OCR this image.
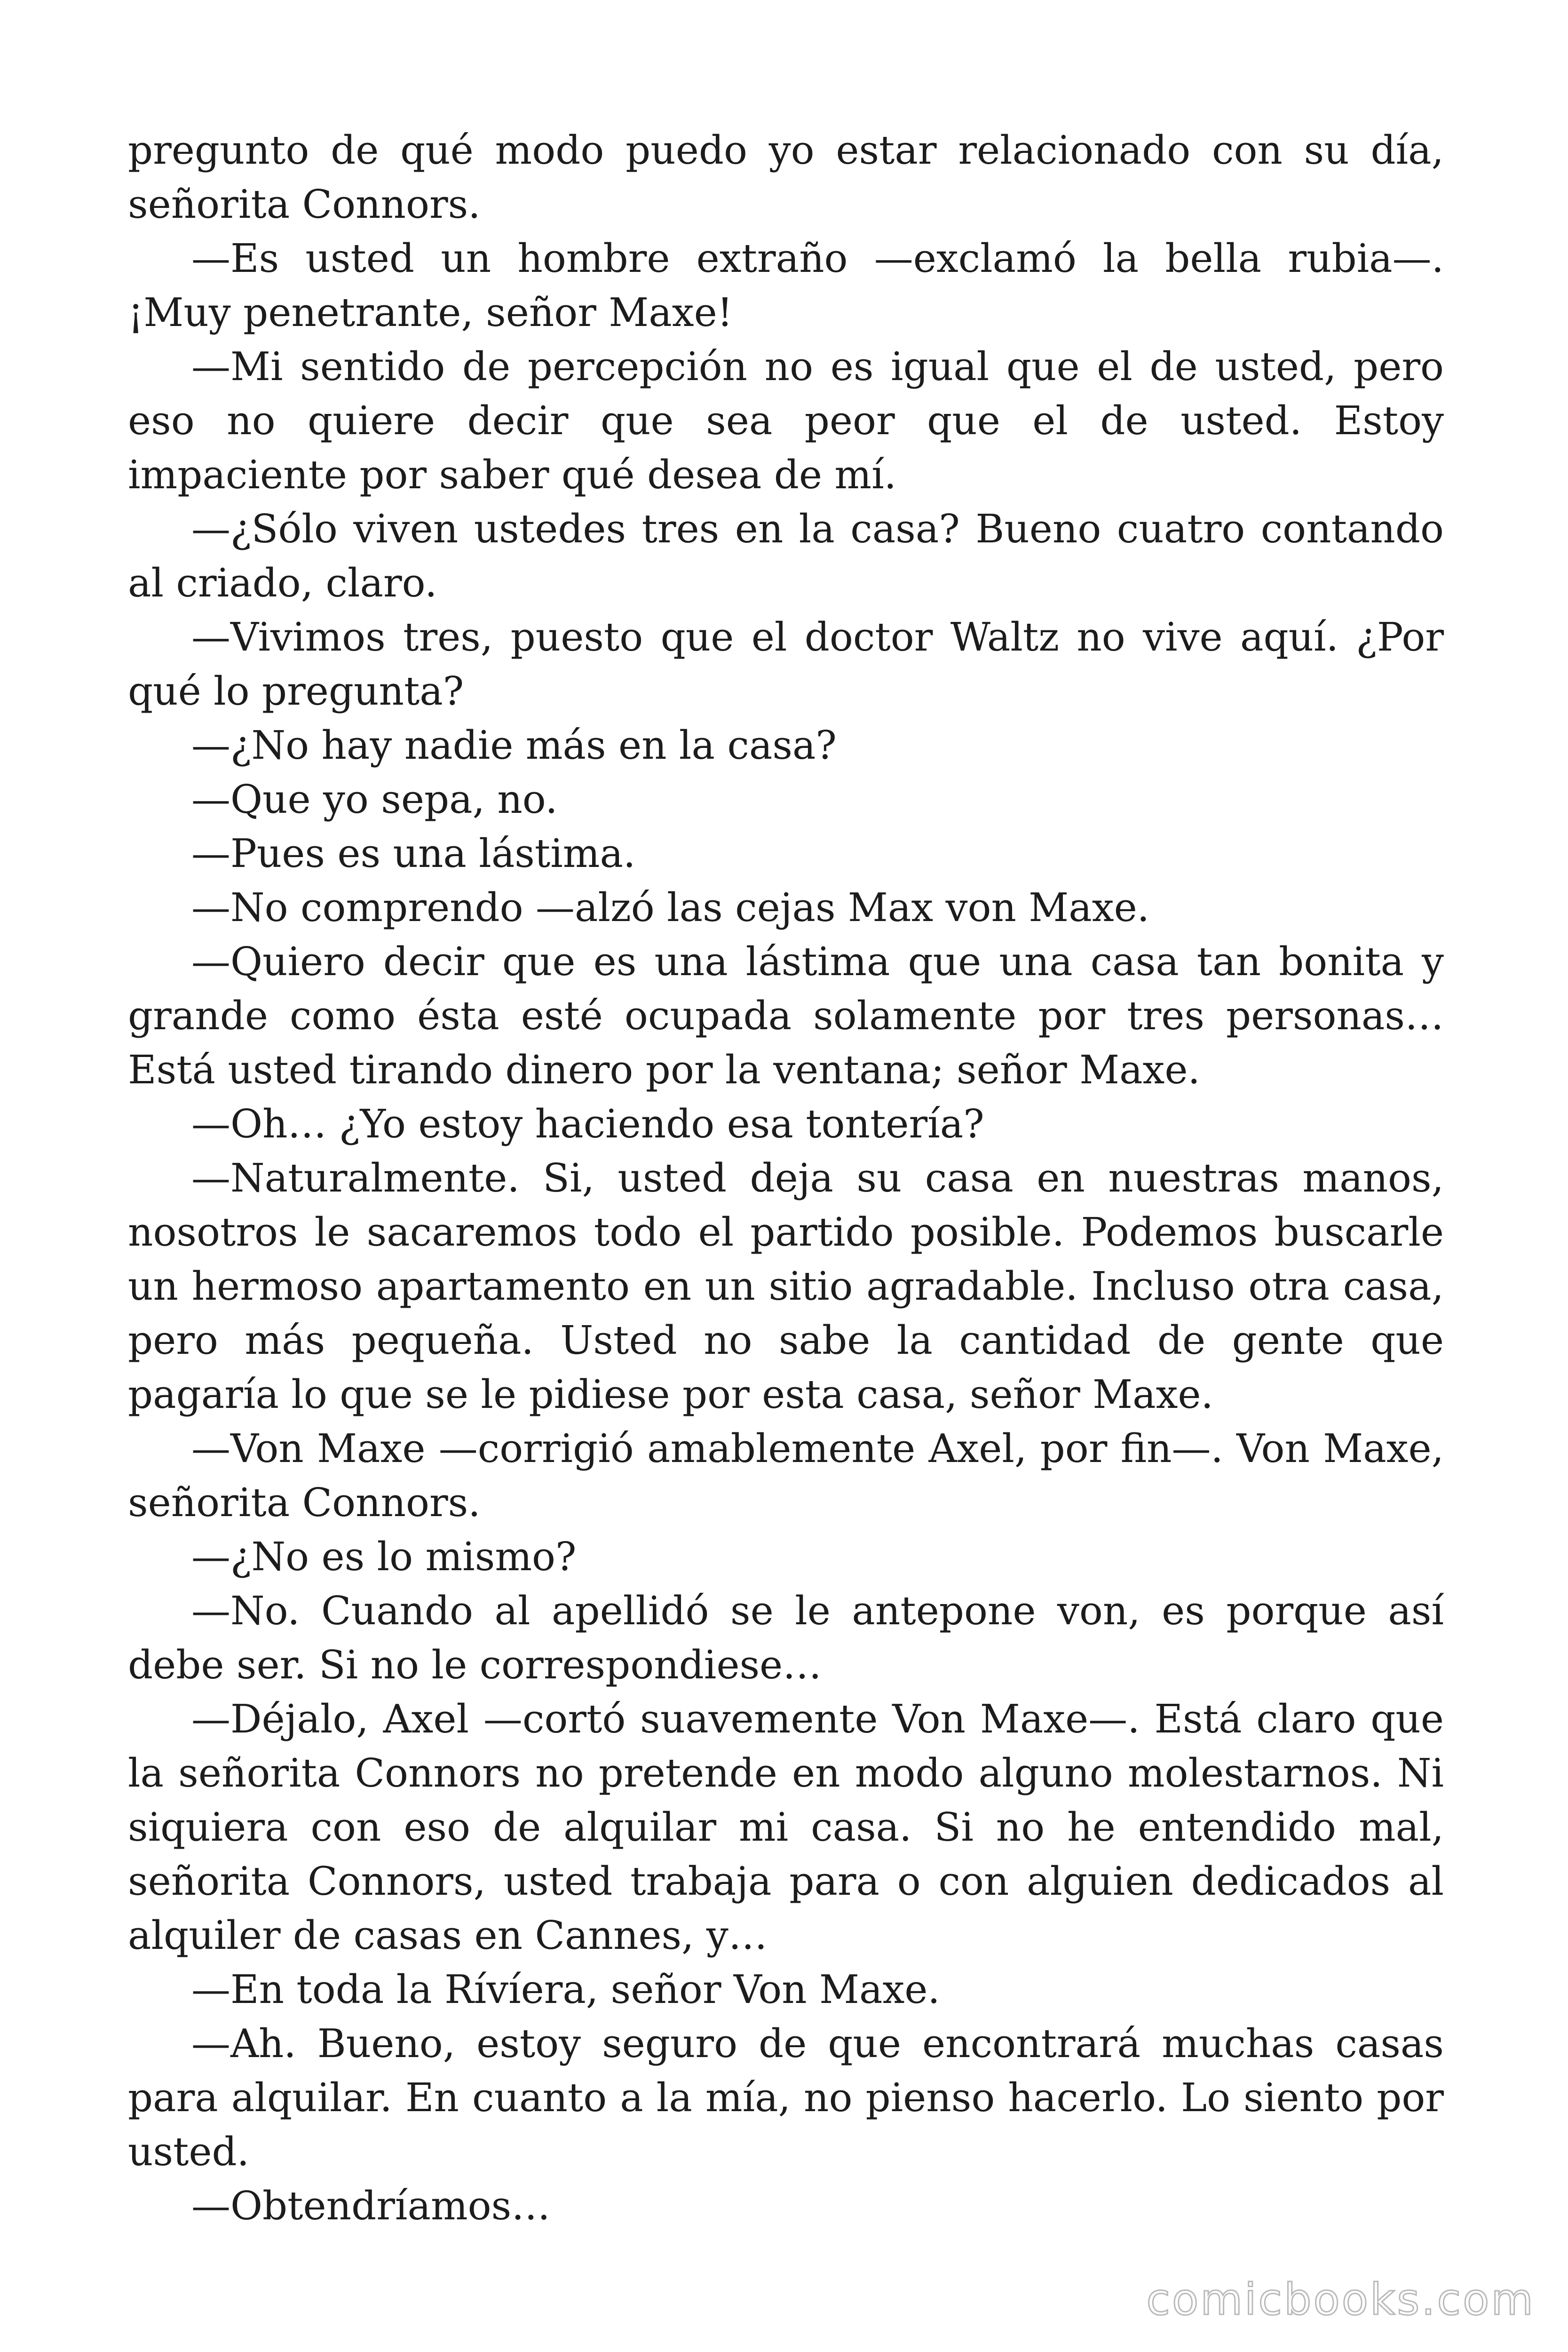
pregunto de qué modo puedo yo estar relacionado con su día, señorita Connors.

—Es usted un hombre extraño —exclamó la bella rubia—. ¡Muy penetrante, señor Maxe!

—Mi sentido de percepción no es igual que el de usted, pero eso no quiere decir que sea peor que el de usted. Estoy impaciente por saber qué desea de mí.

—¿Sólo viven ustedes tres en la casa? Bueno cuatro contando al criado, claro.

—Vivimos tres, puesto que el doctor Waltz no vive aquí. ¿Por qué lo pregunta?

—¿No hay nadie más en la casa?

—Que yo sepa, no.

—Pues es una lástima.

—No comprendo —alzó las cejas Max von Maxe.

—Quiero decir que es una lástima que una casa tan bonita y grande como ésta esté ocupada solamente por tres personas… Está usted tirando dinero por la ventana; señor Maxe.

—Oh… ¿Yo estoy haciendo esa tontería?

—Naturalmente. Si, usted deja su casa en nuestras manos, nosotros le sacaremos todo el partido posible. Podemos buscarle un hermoso apartamento en un sitio agradable. Incluso otra casa, pero más pequeña. Usted no sabe la cantidad de gente que pagaría lo que se le pidiese por esta casa, señor Maxe.

—Von Maxe —corrigió amablemente Axel, por fin—. Von Maxe, señorita Connors.

—¿No es lo mismo?

—No. Cuando al apellidó se le antepone von, es porque así debe ser. Si no le correspondiese…

—Déjalo, Axel —cortó suavemente Von Maxe—. Está claro que la señorita Connors no pretende en modo alguno molestarnos. Ni siquiera con eso de alquilar mi casa. Si no he entendido mal, señorita Connors, usted trabaja para o con alguien dedicados al alquiler de casas en Cannes, y…

—En toda la Rívíera, señor Von Maxe.

—Ah. Bueno, estoy seguro de que encontrará muchas casas para alquilar. En cuanto a la mía, no pienso hacerlo. Lo siento por usted.

—Obtendríamos…

comicbooks.com
